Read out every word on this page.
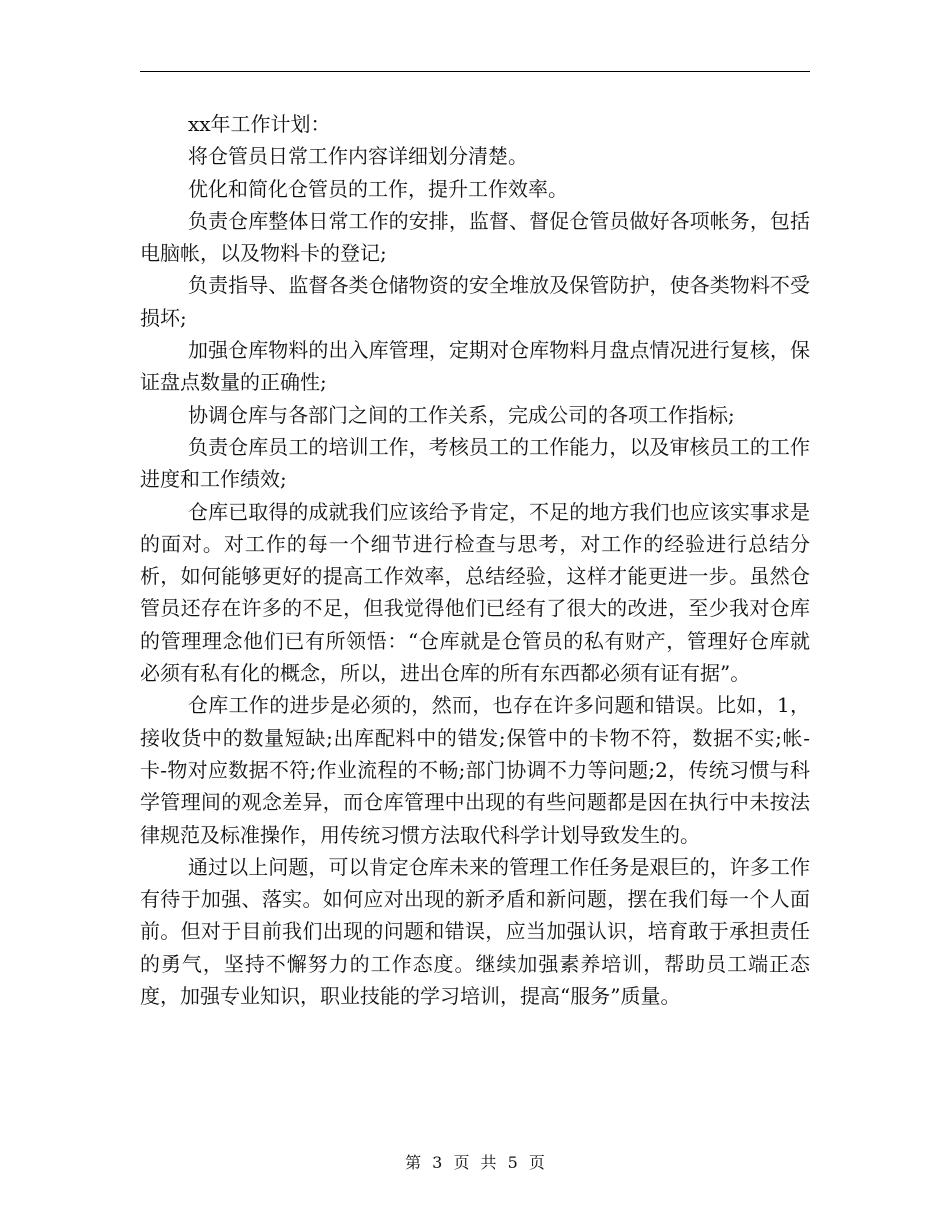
xx年工作计划：

将仓管员日常工作内容详细划分清楚。

优化和简化仓管员的工作，提升工作效率。

负责仓库整体日常工作的安排，监督、督促仓管员做好各项帐务，包括电脑帐，以及物料卡的登记;

负责指导、监督各类仓储物资的安全堆放及保管防护，使各类物料不受损坏;

加强仓库物料的出入库管理，定期对仓库物料月盘点情况进行复核，保证盘点数量的正确性;

协调仓库与各部门之间的工作关系，完成公司的各项工作指标;

负责仓库员工的培训工作，考核员工的工作能力，以及审核员工的工作进度和工作绩效;

仓库已取得的成就我们应该给予肯定，不足的地方我们也应该实事求是的面对。对工作的每一个细节进行检查与思考，对工作的经验进行总结分析，如何能够更好的提高工作效率，总结经验，这样才能更进一步。虽然仓管员还存在许多的不足，但我觉得他们已经有了很大的改进，至少我对仓库的管理理念他们已有所领悟：“仓库就是仓管员的私有财产，管理好仓库就必须有私有化的概念，所以，进出仓库的所有东西都必须有证有据”。

仓库工作的进步是必须的，然而，也存在许多问题和错误。比如，1，接收货中的数量短缺;出库配料中的错发;保管中的卡物不符，数据不实;帐-卡-物对应数据不符;作业流程的不畅;部门协调不力等问题;2，传统习惯与科学管理间的观念差异，而仓库管理中出现的有些问题都是因在执行中未按法律规范及标准操作，用传统习惯方法取代科学计划导致发生的。

通过以上问题，可以肯定仓库未来的管理工作任务是艰巨的，许多工作有待于加强、落实。如何应对出现的新矛盾和新问题，摆在我们每一个人面前。但对于目前我们出现的问题和错误，应当加强认识，培育敢于承担责任的勇气，坚持不懈努力的工作态度。继续加强素养培训，帮助员工端正态度，加强专业知识，职业技能的学习培训，提高“服务”质量。

第 3 页 共 5 页
